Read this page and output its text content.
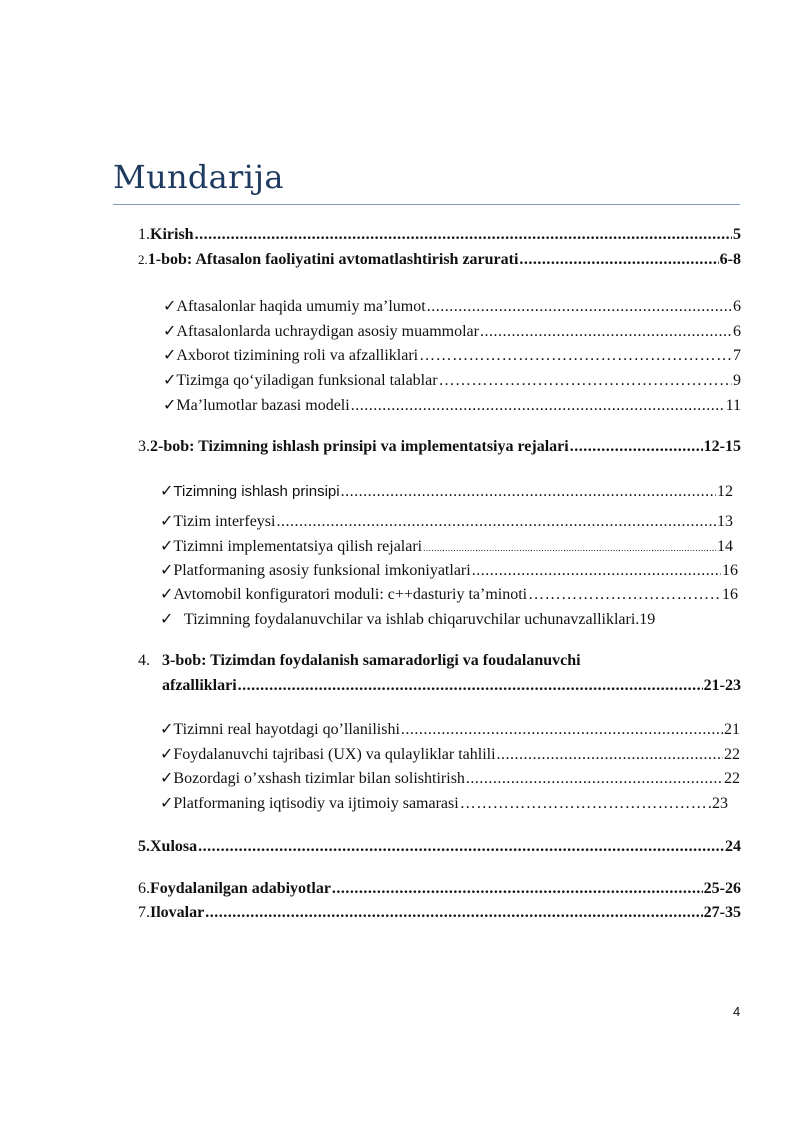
Mundarija
1. Kirish .....	5
2. 1-bob: Aftasalon faoliyatini avtomatlashtirish zarurati .....	6-8
✓ Aftasalonlar haqida umumiy ma’lumot .....	6
✓ Aftasalonlarda uchraydigan asosiy muammolar .....	6
✓ Axborot tizimining roli va afzalliklari ……………………………………………………………………………………………………………………………………………………………	7
✓ Tizimga qo‘yiladigan funksional talablar ……………………………………………………………………………………………………………………………………………………………	9
✓ Ma’lumotlar bazasi modeli .....	11
3. 2-bob: Tizimning ishlash prinsipi va implementatsiya rejalari .....	12-15
✓ Tizimning ishlash prinsipi .....	12
✓ Tizim interfeysi .....	13
✓ Tizimni implementatsiya qilish rejalari .....	14
✓ Platformaning asosiy funksional imkoniyatlari .....	16
✓ Avtomobil konfiguratori moduli: c++dasturiy ta’minoti ……………………………………………………………………………………………………………………………………………………………	16
✓ Tizimning foydalanuvchilar va ishlab chiqaruvchilar uchunavzalliklari.19
4. 3-bob: Tizimdan foydalanish samaradorligi va foudalanuvchi
afzalliklari .....	21-23
✓ Tizimni real hayotdagi qo’llanilishi .....	21
✓ Foydalanuvchi tajribasi (UX) va qulayliklar tahlili .....	22
✓ Bozordagi o’xshash tizimlar bilan solishtirish .....	22
✓ Platformaning iqtisodiy va ijtimoiy samarasi ……………………………………………………………………………………………………………………………………………………………	23
5. Xulosa .....	24
6. Foydalanilgan adabiyotlar .....	25-26
7. Ilovalar .....	27-35
4
